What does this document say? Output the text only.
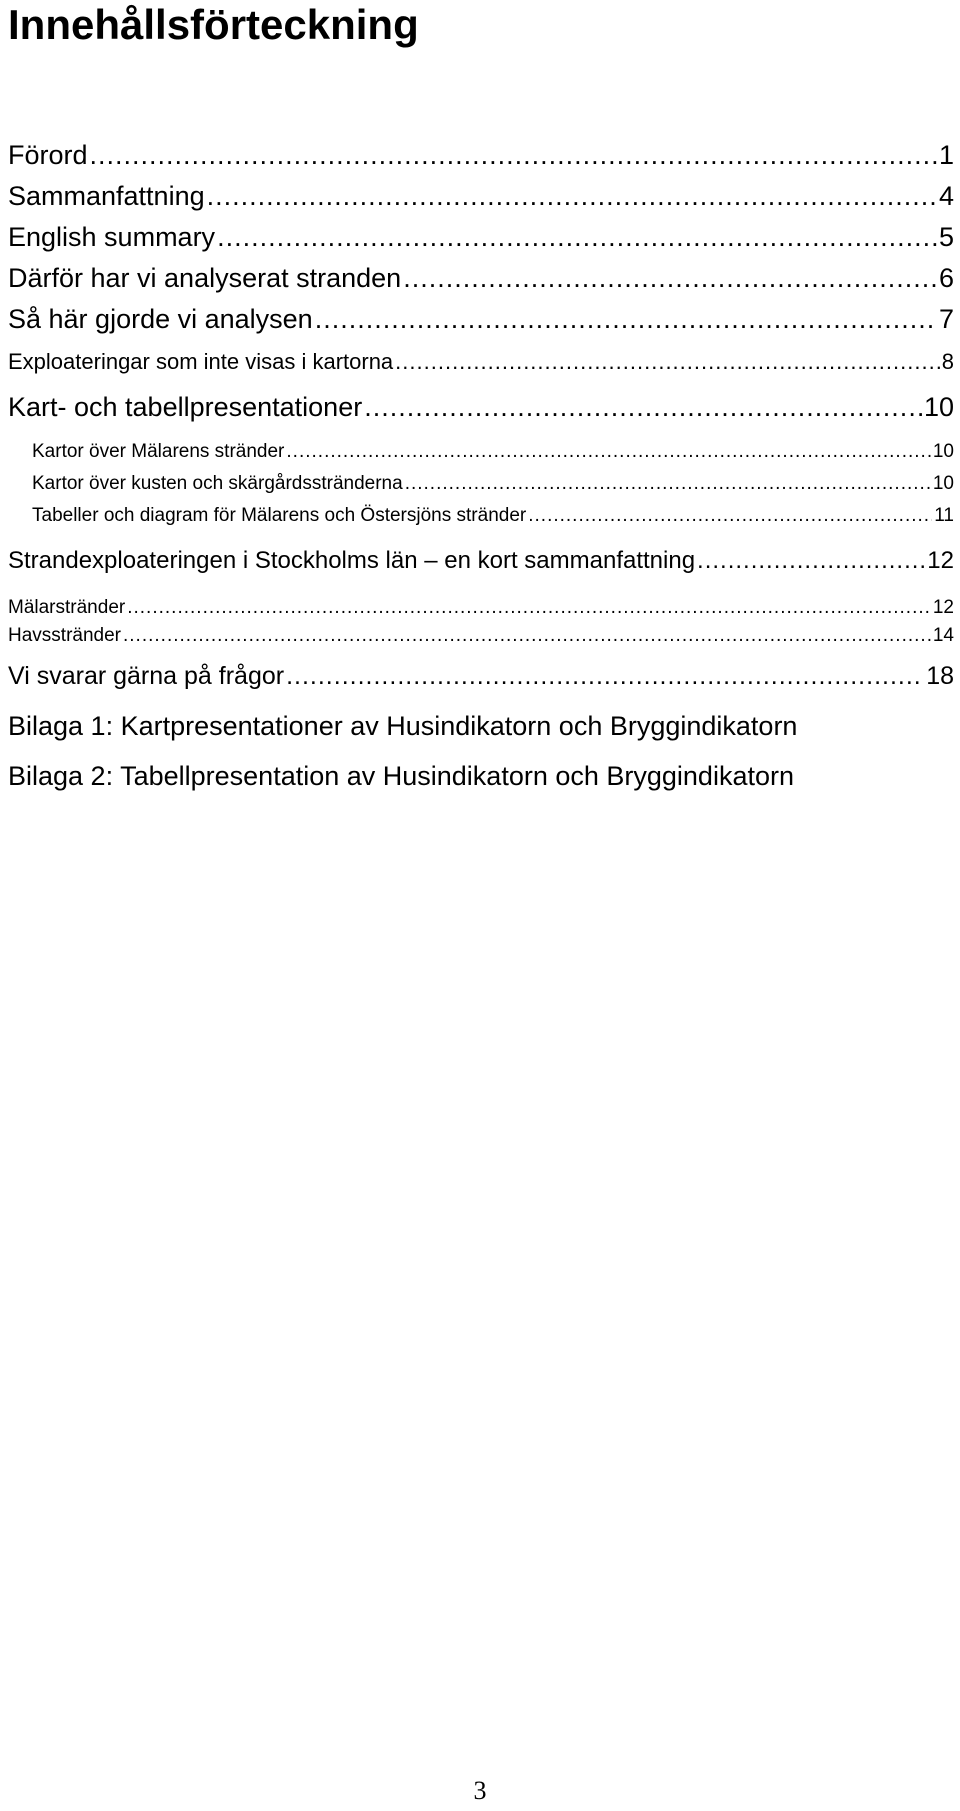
Innehållsförteckning
Förord .....	1
Sammanfattning .....	4
English summary .....	5
Därför har vi analyserat stranden .....	6
Så här gjorde vi analysen .....	7
Exploateringar som inte visas i kartorna .....	8
Kart- och tabellpresentationer .....	10
Kartor över Mälarens stränder .....	10
Kartor över kusten och skärgårdsstränderna .....	10
Tabeller och diagram för Mälarens och Östersjöns stränder .....	11
Strandexploateringen i Stockholms län – en kort sammanfattning .....	12
Mälarstränder .....	12
Havsstränder .....	14
Vi svarar gärna på frågor .....	18
Bilaga 1: Kartpresentationer av Husindikatorn och Bryggindikatorn
Bilaga 2: Tabellpresentation av Husindikatorn och Bryggindikatorn
3
